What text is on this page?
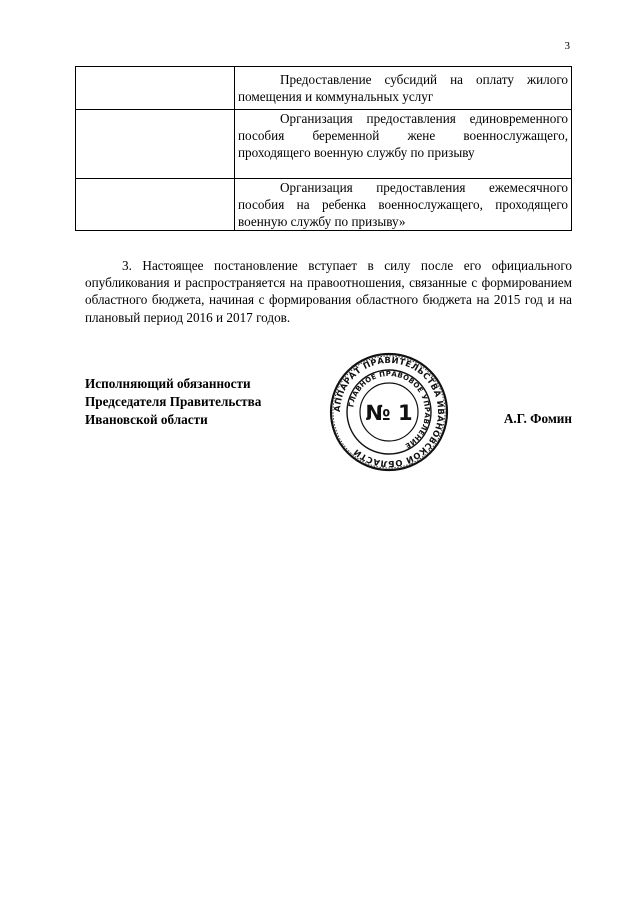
3

	Предоставление субсидий на оплату жилого помещения и коммунальных услуг

	Организация предоставления единовременного пособия беременной жене военнослужащего, проходящего военную службу по призыву

	Организация предоставления ежемесячного пособия на ребенка военнослужащего, проходящего военную службу по призыву»

3. Настоящее постановление вступает в силу после его официального опубликования и распространяется на правоотношения, связанные с формированием областного бюджета, начиная с формирования областного бюджета на 2015 год и на плановый период 2016 и 2017 годов.

Исполняющий обязанности
Председателя Правительства
Ивановской области
АППАРАТ ПРАВИТЕЛЬСТВА ИВАНОВСКОЙ ОБЛАСТИ
ГЛАВНОЕ ПРАВОВОЕ УПРАВЛЕНИЕ
№ 1	А.Г. Фомин
